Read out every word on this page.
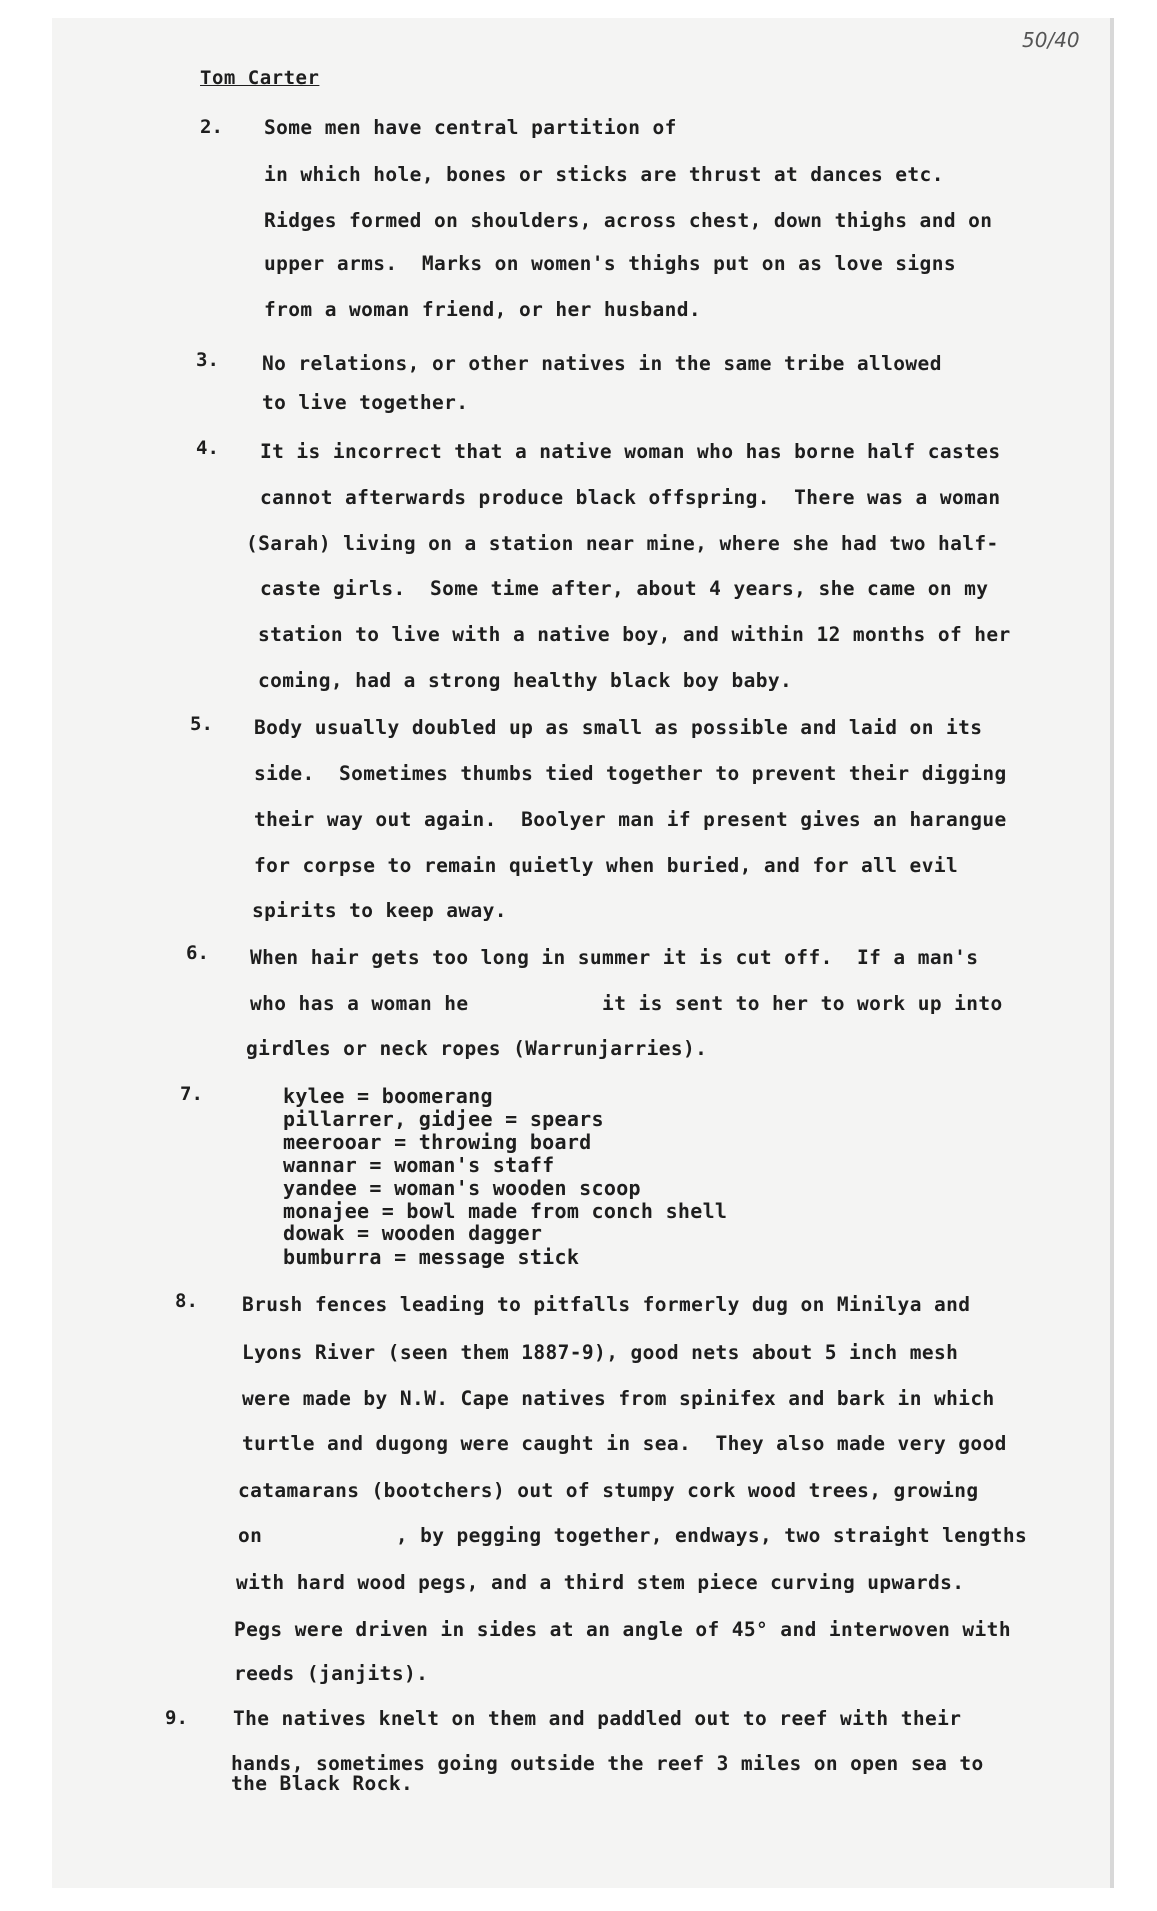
50/40
Tom Carter
2. Some men have central partition of
in which hole, bones or sticks are thrust at dances etc.
Ridges formed on shoulders, across chest, down thighs and on
upper arms.  Marks on women's thighs put on as love signs
from a woman friend, or her husband.
3. No relations, or other natives in the same tribe allowed
to live together.
4. It is incorrect that a native woman who has borne half castes
cannot afterwards produce black offspring.  There was a woman
(Sarah) living on a station near mine, where she had two half-
caste girls.  Some time after, about 4 years, she came on my
station to live with a native boy, and within 12 months of her
coming, had a strong healthy black boy baby.
5. Body usually doubled up as small as possible and laid on its
side.  Sometimes thumbs tied together to prevent their digging
their way out again.  Boolyer man if present gives an harangue
for corpse to remain quietly when buried, and for all evil
spirits to keep away.
6. When hair gets too long in summer it is cut off.  If a man's
who has a woman he           it is sent to her to work up into
girdles or neck ropes (Warrunjarries).
7.	kylee = boomerang
pillarrer, gidjee = spears
meerooar = throwing board
wannar = woman's staff
yandee = woman's wooden scoop
monajee = bowl made from conch shell
dowak = wooden dagger
bumburra = message stick
8. Brush fences leading to pitfalls formerly dug on Minilya and
Lyons River (seen them 1887-9), good nets about 5 inch mesh
were made by N.W. Cape natives from spinifex and bark in which
turtle and dugong were caught in sea.  They also made very good
catamarans (bootchers) out of stumpy cork wood trees, growing
on           , by pegging together, endways, two straight lengths
with hard wood pegs, and a third stem piece curving upwards.
Pegs were driven in sides at an angle of 45° and interwoven with
reeds (janjits).
9. The natives knelt on them and paddled out to reef with their
hands, sometimes going outside the reef 3 miles on open sea to
the Black Rock.
